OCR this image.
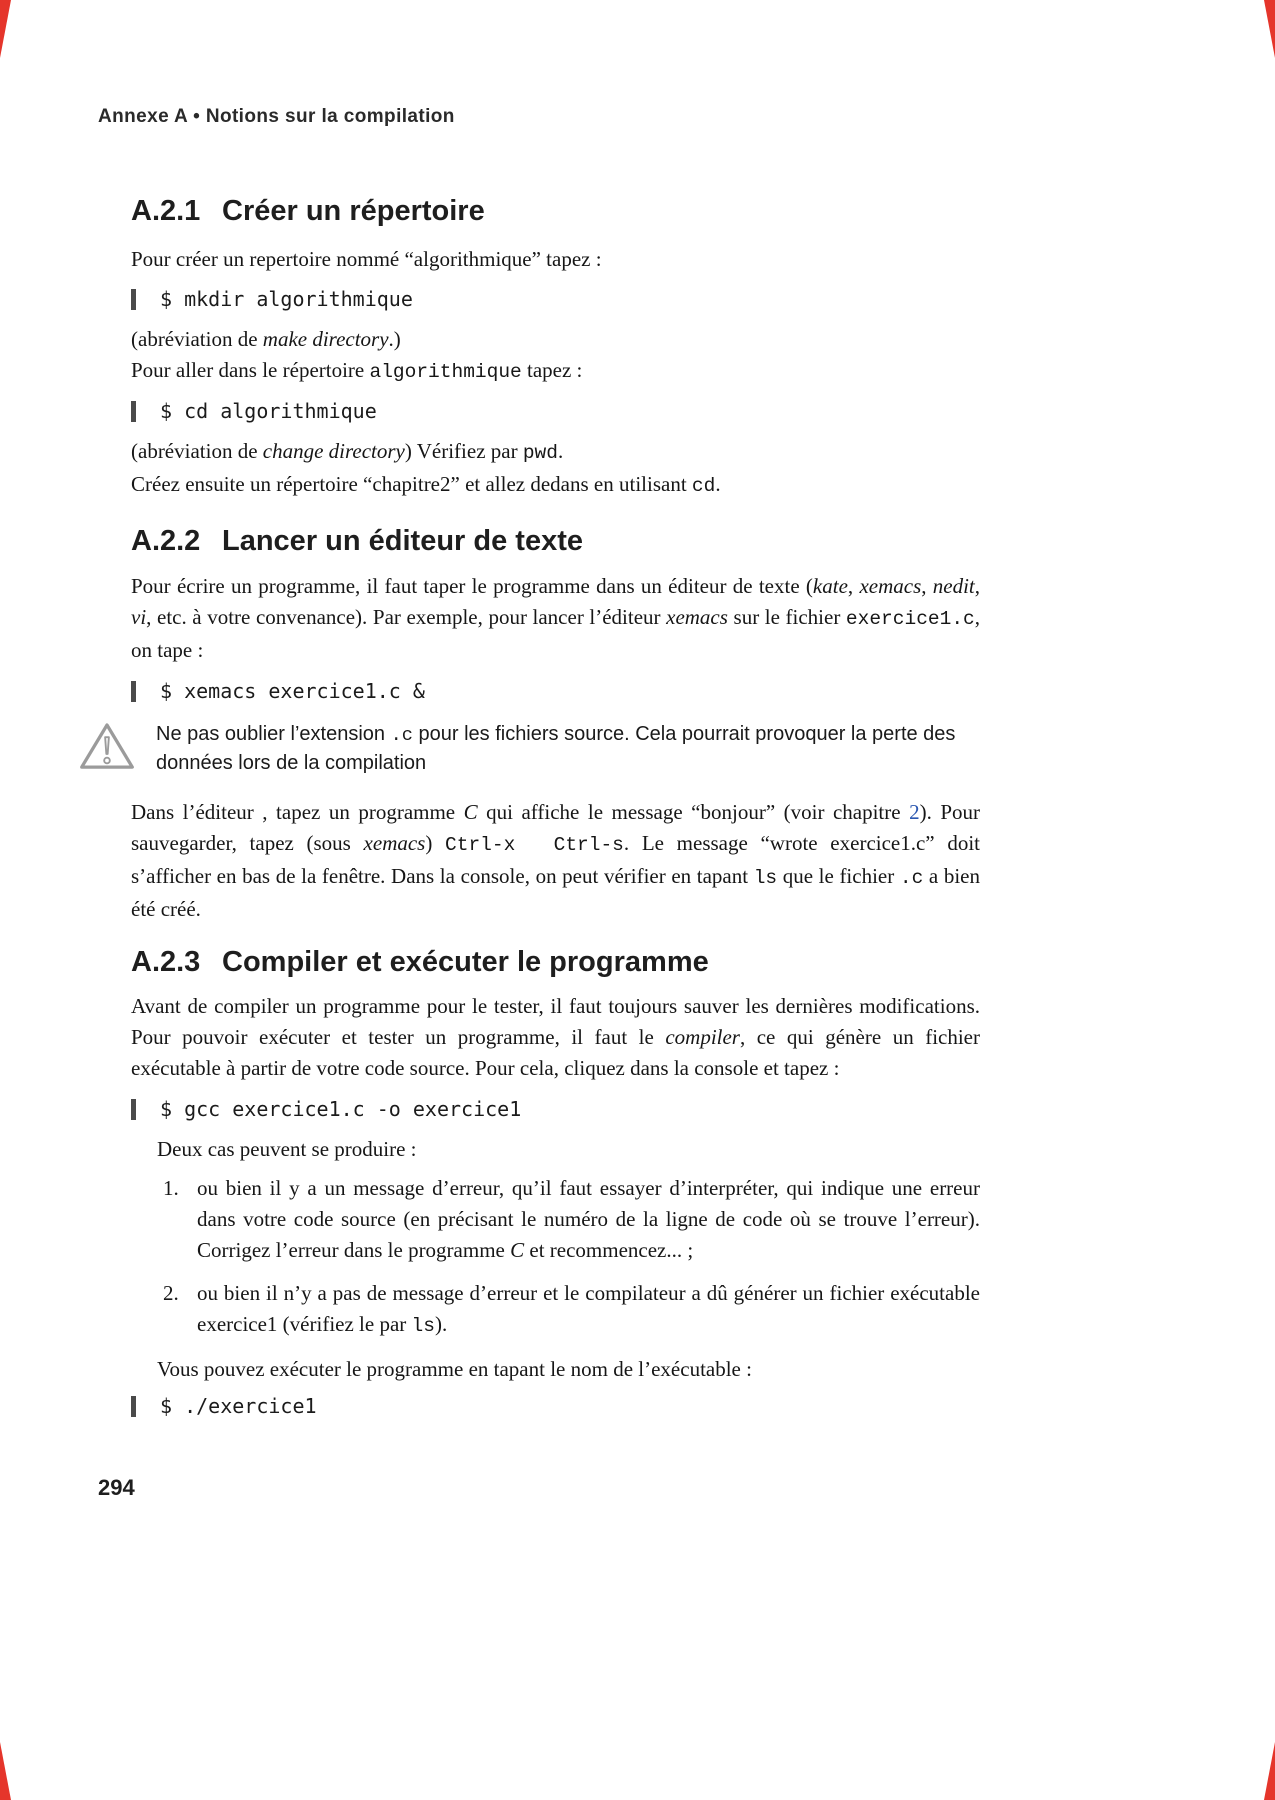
Annexe A • Notions sur la compilation
A.2.1 Créer un répertoire

Pour créer un repertoire nommé “algorithmique” tapez :

$ mkdir algorithmique

(abréviation de make directory.)

Pour aller dans le répertoire algorithmique tapez :

$ cd algorithmique

(abréviation de change directory) Vérifiez par pwd.

Créez ensuite un répertoire “chapitre2” et allez dedans en utilisant cd.

A.2.2 Lancer un éditeur de texte

Pour écrire un programme, il faut taper le programme dans un éditeur de texte (kate, xemacs, nedit, vi, etc. à votre convenance). Par exemple, pour lancer l’éditeur xemacs sur le fichier exercice1.c, on tape :

$ xemacs exercice1.c &
Ne pas oublier l’extension .c pour les fichiers source. Cela pourrait provoquer la perte des données lors de la compilation

Dans l’éditeur , tapez un programme C qui affiche le message “bonjour” (voir chapitre 2). Pour sauvegarder, tapez (sous xemacs) Ctrl-x  Ctrl-s. Le message “wrote exercice1.c” doit s’afficher en bas de la fenêtre. Dans la console, on peut vérifier en tapant ls que le fichier .c a bien été créé.

A.2.3 Compiler et exécuter le programme

Avant de compiler un programme pour le tester, il faut toujours sauver les dernières modifications. Pour pouvoir exécuter et tester un programme, il faut le compiler, ce qui génère un fichier exécutable à partir de votre code source. Pour cela, cliquez dans la console et tapez :

$ gcc exercice1.c -o exercice1

Deux cas peuvent se produire :

1. ou bien il y a un message d’erreur, qu’il faut essayer d’interpréter, qui indique une erreur dans votre code source (en précisant le numéro de la ligne de code où se trouve l’erreur). Corrigez l’erreur dans le programme C et recommencez... ;
2. ou bien il n’y a pas de message d’erreur et le compilateur a dû générer un fichier exécutable exercice1 (vérifiez le par ls).

Vous pouvez exécuter le programme en tapant le nom de l’exécutable :

$ ./exercice1
294
